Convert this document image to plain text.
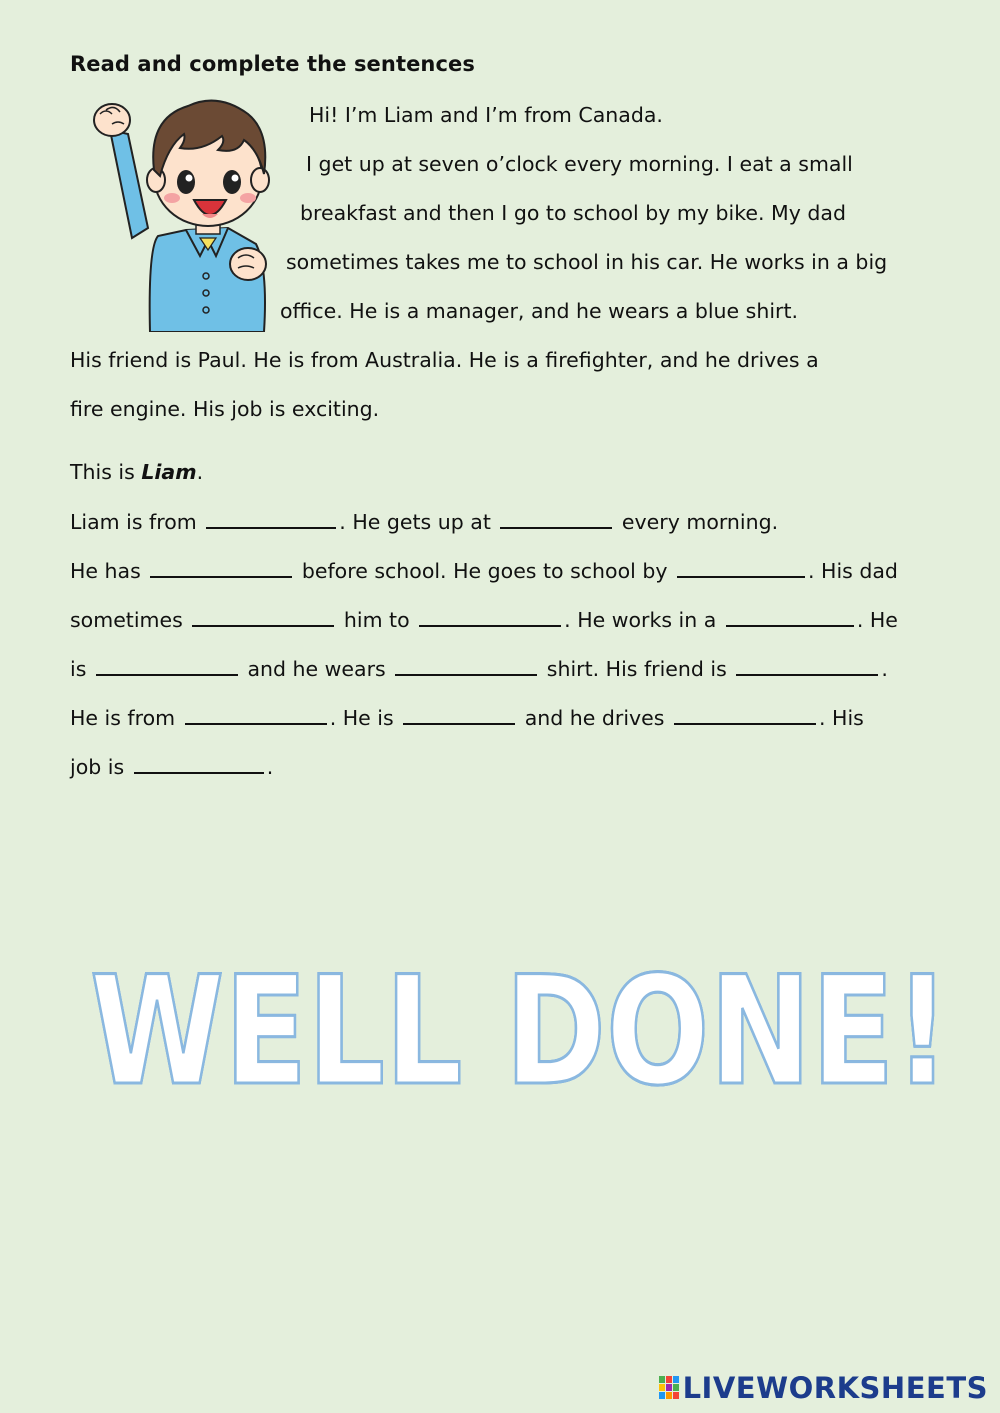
Read and complete the sentences
Hi! I’m Liam and I’m from Canada.
I get up at seven o’clock every morning. I eat a small
breakfast and then I go to school by my bike. My dad
sometimes takes me to school in his car. He works in a big
office. He is a manager, and he wears a blue shirt.
His friend is Paul. He is from Australia. He is a firefighter, and he drives a
fire engine. His job is exciting.
This is Liam.
Liam is from	. He gets up at	every morning.
He has	before school. He goes to school by	. His dad
sometimes	him to	. He works in a	. He
is	and he wears	shirt. His friend is	.
He is from	. He is	and he drives	. His
job is	.
WELL DONE!
LIVEWORKSHEETS
